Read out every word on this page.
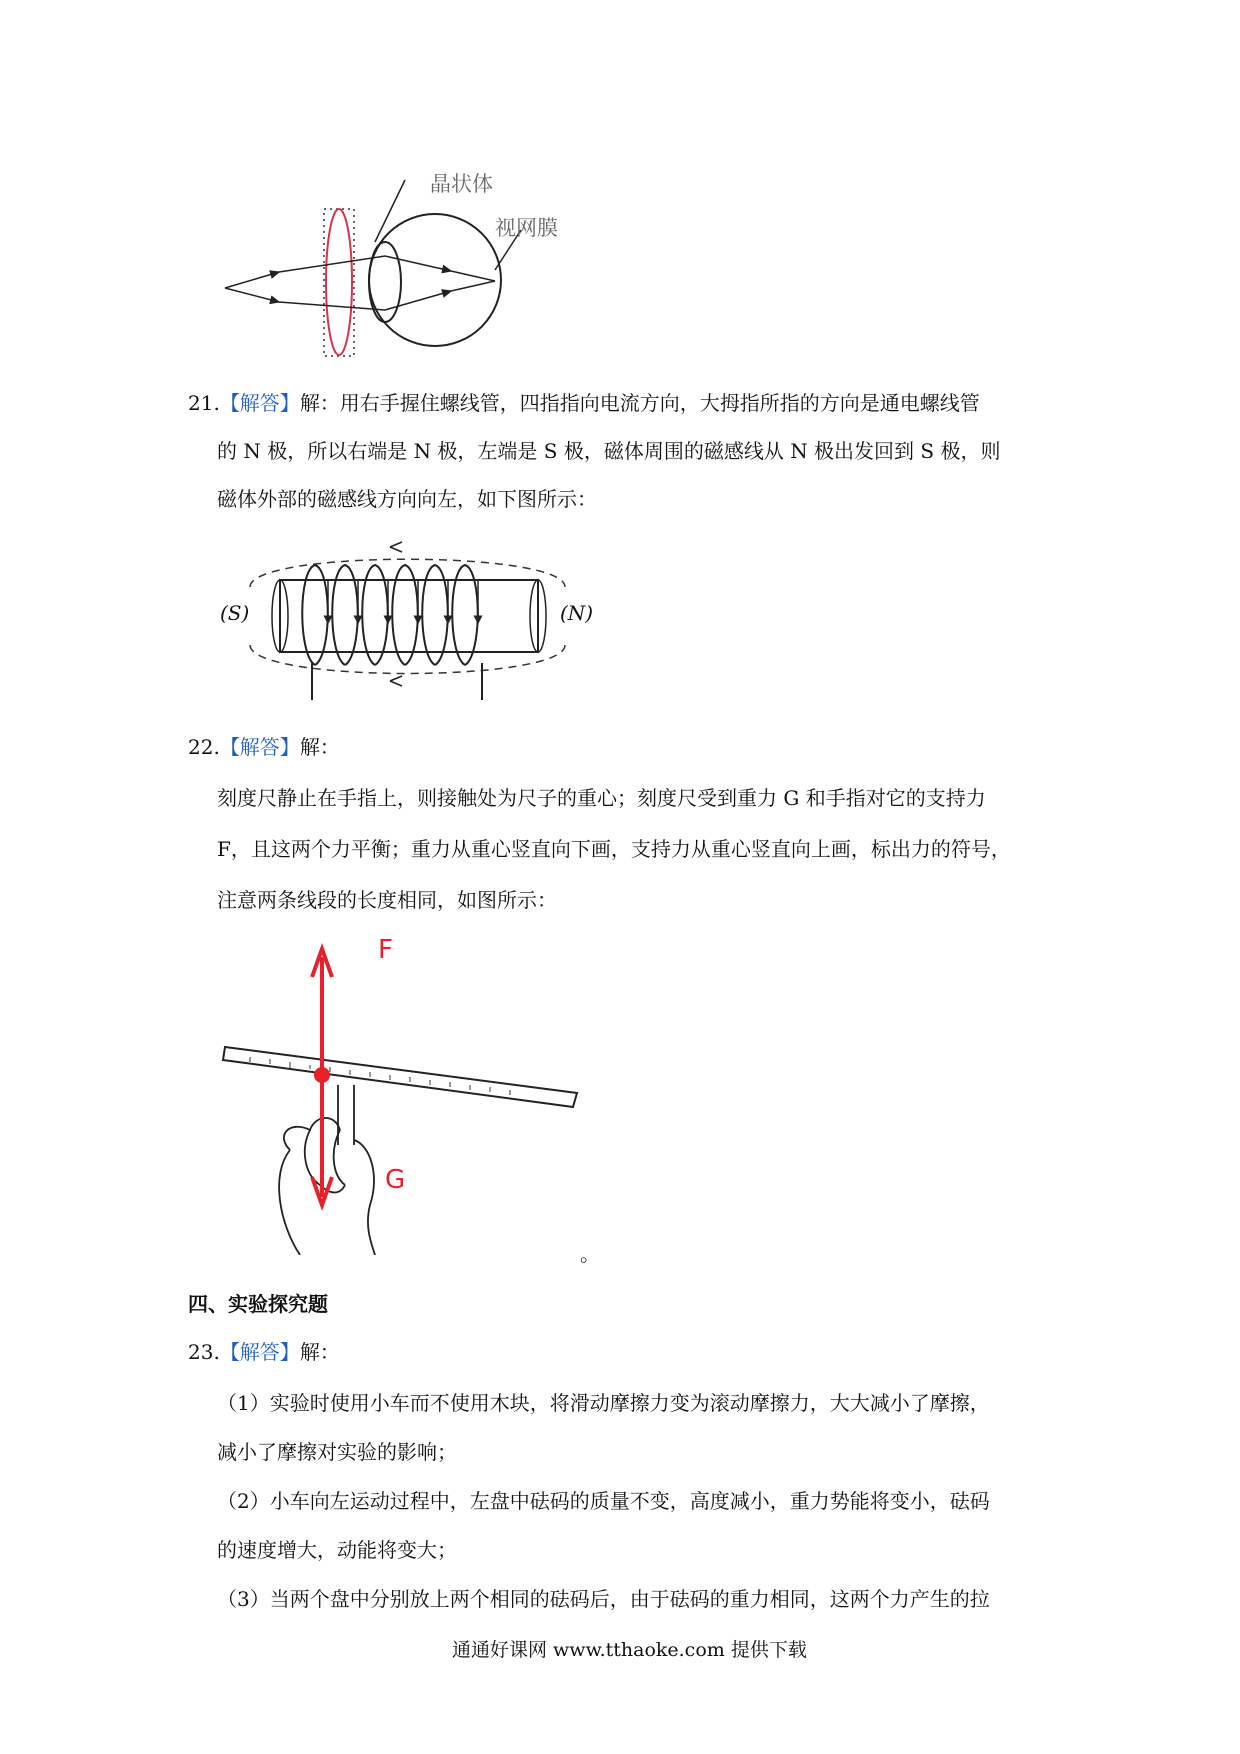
晶状体
视网膜
21.【解答】解：用右手握住螺线管，四指指向电流方向，大拇指所指的方向是通电螺线管
的 N 极，所以右端是 N 极，左端是 S 极，磁体周围的磁感线从 N 极出发回到 S 极，则
磁体外部的磁感线方向向左，如下图所示：
(S)	(N)
22.【解答】解：
刻度尺静止在手指上，则接触处为尺子的重心；刻度尺受到重力 G 和手指对它的支持力
F，且这两个力平衡；重力从重心竖直向下画，支持力从重心竖直向上画，标出力的符号，
注意两条线段的长度相同，如图所示：
F
G
。
四、实验探究题
23.【解答】解：
（1）实验时使用小车而不使用木块，将滑动摩擦力变为滚动摩擦力，大大减小了摩擦，
减小了摩擦对实验的影响；
（2）小车向左运动过程中，左盘中砝码的质量不变，高度减小，重力势能将变小，砝码
的速度增大，动能将变大；
（3）当两个盘中分别放上两个相同的砝码后，由于砝码的重力相同，这两个力产生的拉
通通好课网 www.tthaoke.com 提供下载
